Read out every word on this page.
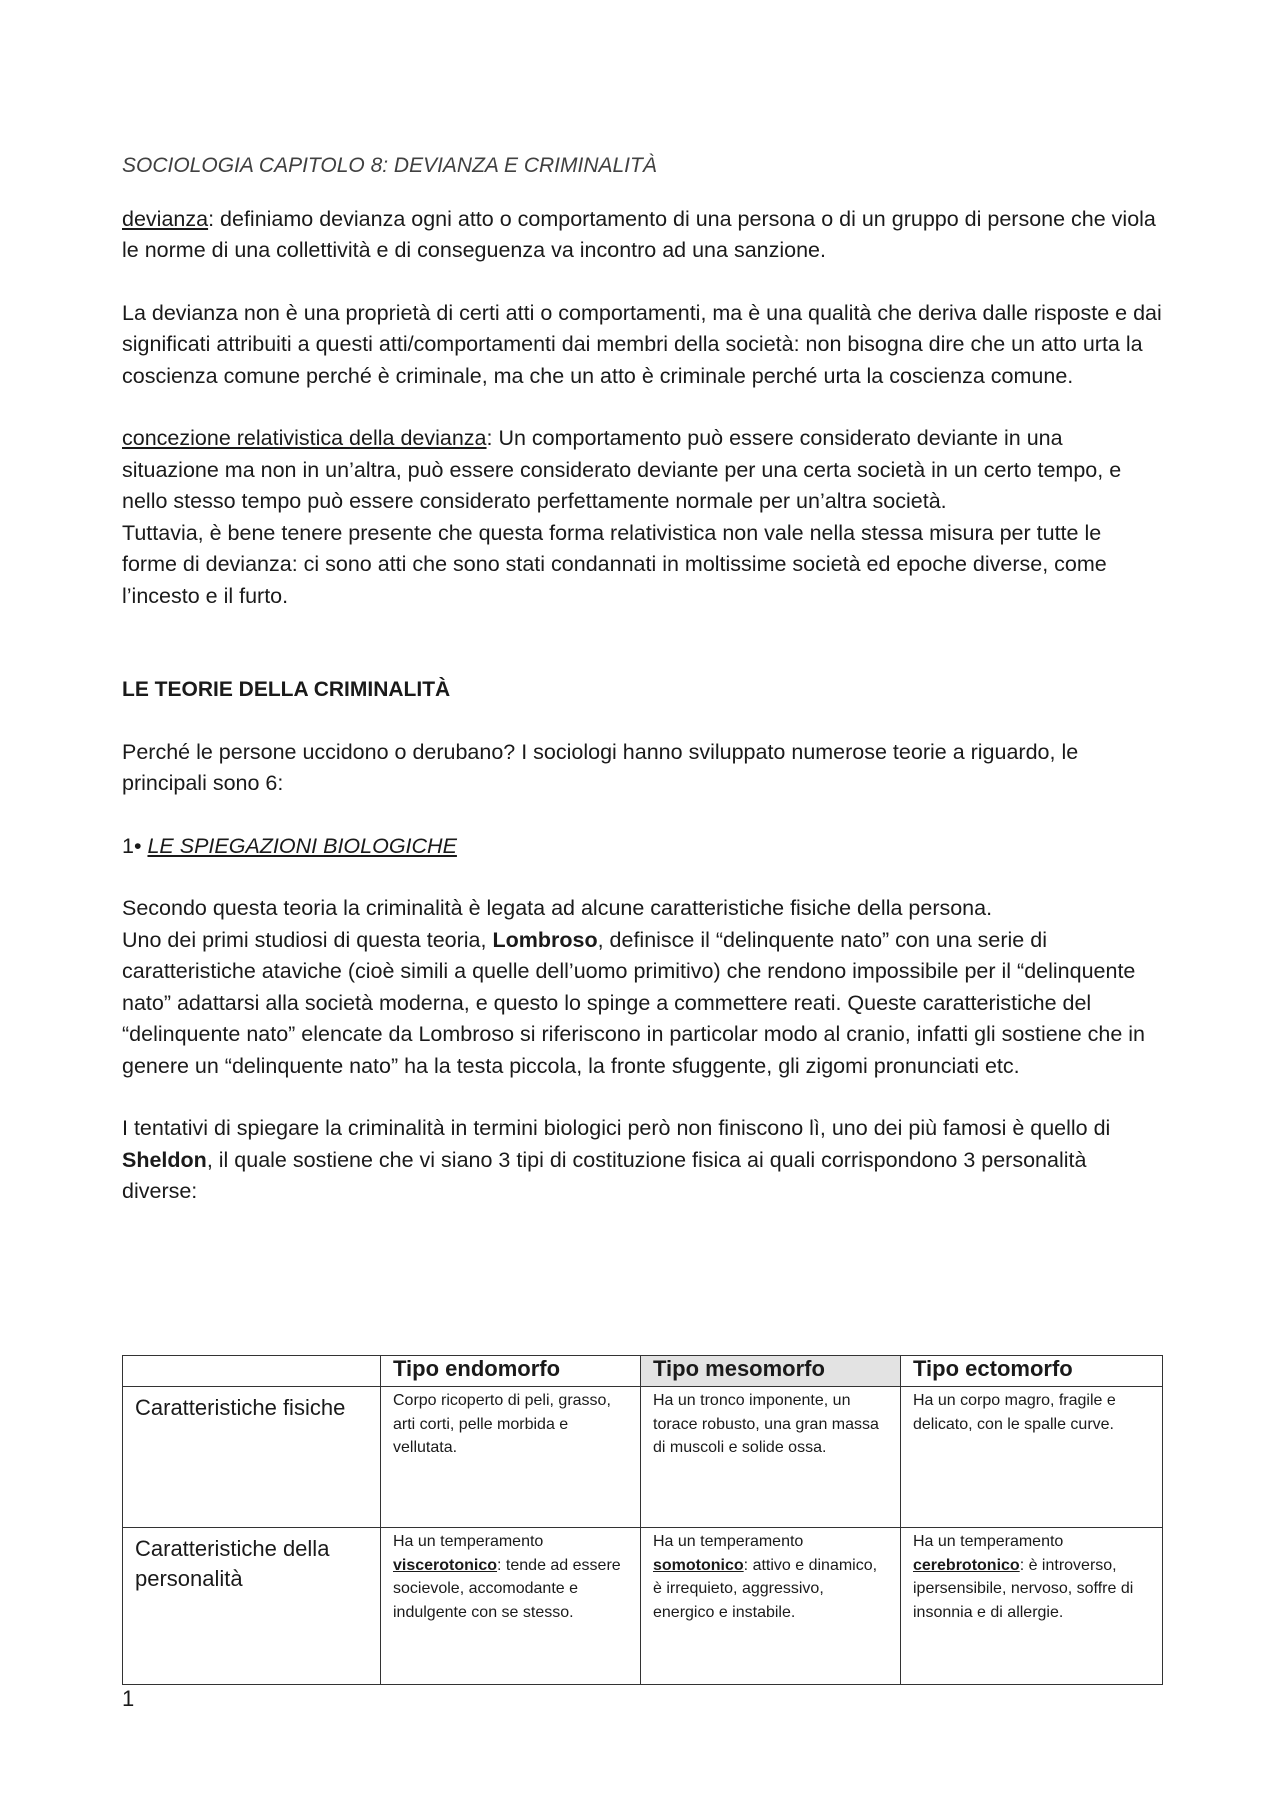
SOCIOLOGIA CAPITOLO 8: DEVIANZA E CRIMINALITÀ

devianza: definiamo devianza ogni atto o comportamento di una persona o di un gruppo di persone che viola le norme di una collettività e di conseguenza va incontro ad una sanzione.

La devianza non è una proprietà di certi atti o comportamenti, ma è una qualità che deriva dalle risposte e dai significati attribuiti a questi atti/comportamenti dai membri della società: non bisogna dire che un atto urta la coscienza comune perché è criminale, ma che un atto è criminale perché urta la coscienza comune.

concezione relativistica della devianza: Un comportamento può essere considerato deviante in una situazione ma non in un’altra, può essere considerato deviante per una certa società in un certo tempo, e nello stesso tempo può essere considerato perfettamente normale per un’altra società.

Tuttavia, è bene tenere presente che questa forma relativistica non vale nella stessa misura per tutte le forme di devianza: ci sono atti che sono stati condannati in moltissime società ed epoche diverse, come l’incesto e il furto.

LE TEORIE DELLA CRIMINALITÀ

Perché le persone uccidono o derubano? I sociologi hanno sviluppato numerose teorie a riguardo, le principali sono 6:

1• LE SPIEGAZIONI BIOLOGICHE

Secondo questa teoria la criminalità è legata ad alcune caratteristiche fisiche della persona.

Uno dei primi studiosi di questa teoria, Lombroso, definisce il “delinquente nato” con una serie di caratteristiche ataviche (cioè simili a quelle dell’uomo primitivo) che rendono impossibile per il “delinquente nato” adattarsi alla società moderna, e questo lo spinge a commettere reati. Queste caratteristiche del “delinquente nato” elencate da Lombroso si riferiscono in particolar modo al cranio, infatti gli sostiene che in genere un “delinquente nato” ha la testa piccola, la fronte sfuggente, gli zigomi pronunciati etc.

I tentativi di spiegare la criminalità in termini biologici però non finiscono lì, uno dei più famosi è quello di Sheldon, il quale sostiene che vi siano 3 tipi di costituzione fisica ai quali corrispondono 3 personalità diverse:

	Tipo endomorfo	Tipo mesomorfo	Tipo ectomorfo
Caratteristiche fisiche	Corpo ricoperto di peli, grasso, arti corti, pelle morbida e vellutata.	Ha un tronco imponente, un torace robusto, una gran massa di muscoli e solide ossa.	Ha un corpo magro, fragile e delicato, con le spalle curve.
Caratteristiche della personalità	Ha un temperamento viscerotonico: tende ad essere socievole, accomodante e indulgente con se stesso.	Ha un temperamento somotonico: attivo e dinamico, è irrequieto, aggressivo, energico e instabile.	Ha un temperamento cerebrotonico: è introverso, ipersensibile, nervoso, soffre di insonnia e di allergie.
1
